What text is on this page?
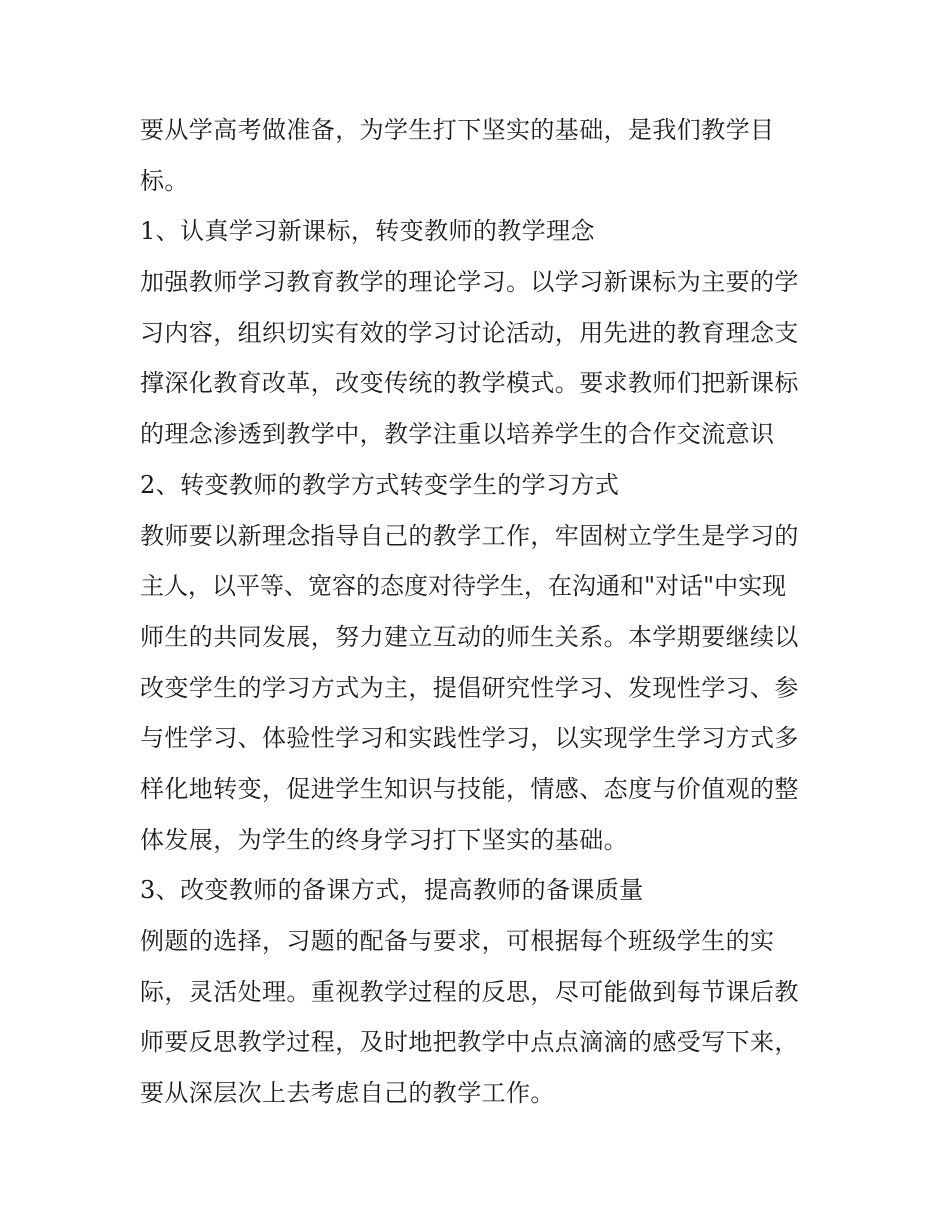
要从学高考做准备，为学生打下坚实的基础，是我们教学目
标。
1、认真学习新课标，转变教师的教学理念
加强教师学习教育教学的理论学习。以学习新课标为主要的学
习内容，组织切实有效的学习讨论活动，用先进的教育理念支
撑深化教育改革，改变传统的教学模式。要求教师们把新课标
的理念渗透到教学中，教学注重以培养学生的合作交流意识
2、转变教师的教学方式转变学生的学习方式
教师要以新理念指导自己的教学工作，牢固树立学生是学习的
主人，以平等、宽容的态度对待学生，在沟通和"对话"中实现
师生的共同发展，努力建立互动的师生关系。本学期要继续以
改变学生的学习方式为主，提倡研究性学习、发现性学习、参
与性学习、体验性学习和实践性学习，以实现学生学习方式多
样化地转变，促进学生知识与技能，情感、态度与价值观的整
体发展，为学生的终身学习打下坚实的基础。
3、改变教师的备课方式，提高教师的备课质量
例题的选择，习题的配备与要求，可根据每个班级学生的实
际，灵活处理。重视教学过程的反思，尽可能做到每节课后教
师要反思教学过程，及时地把教学中点点滴滴的感受写下来，
要从深层次上去考虑自己的教学工作。
